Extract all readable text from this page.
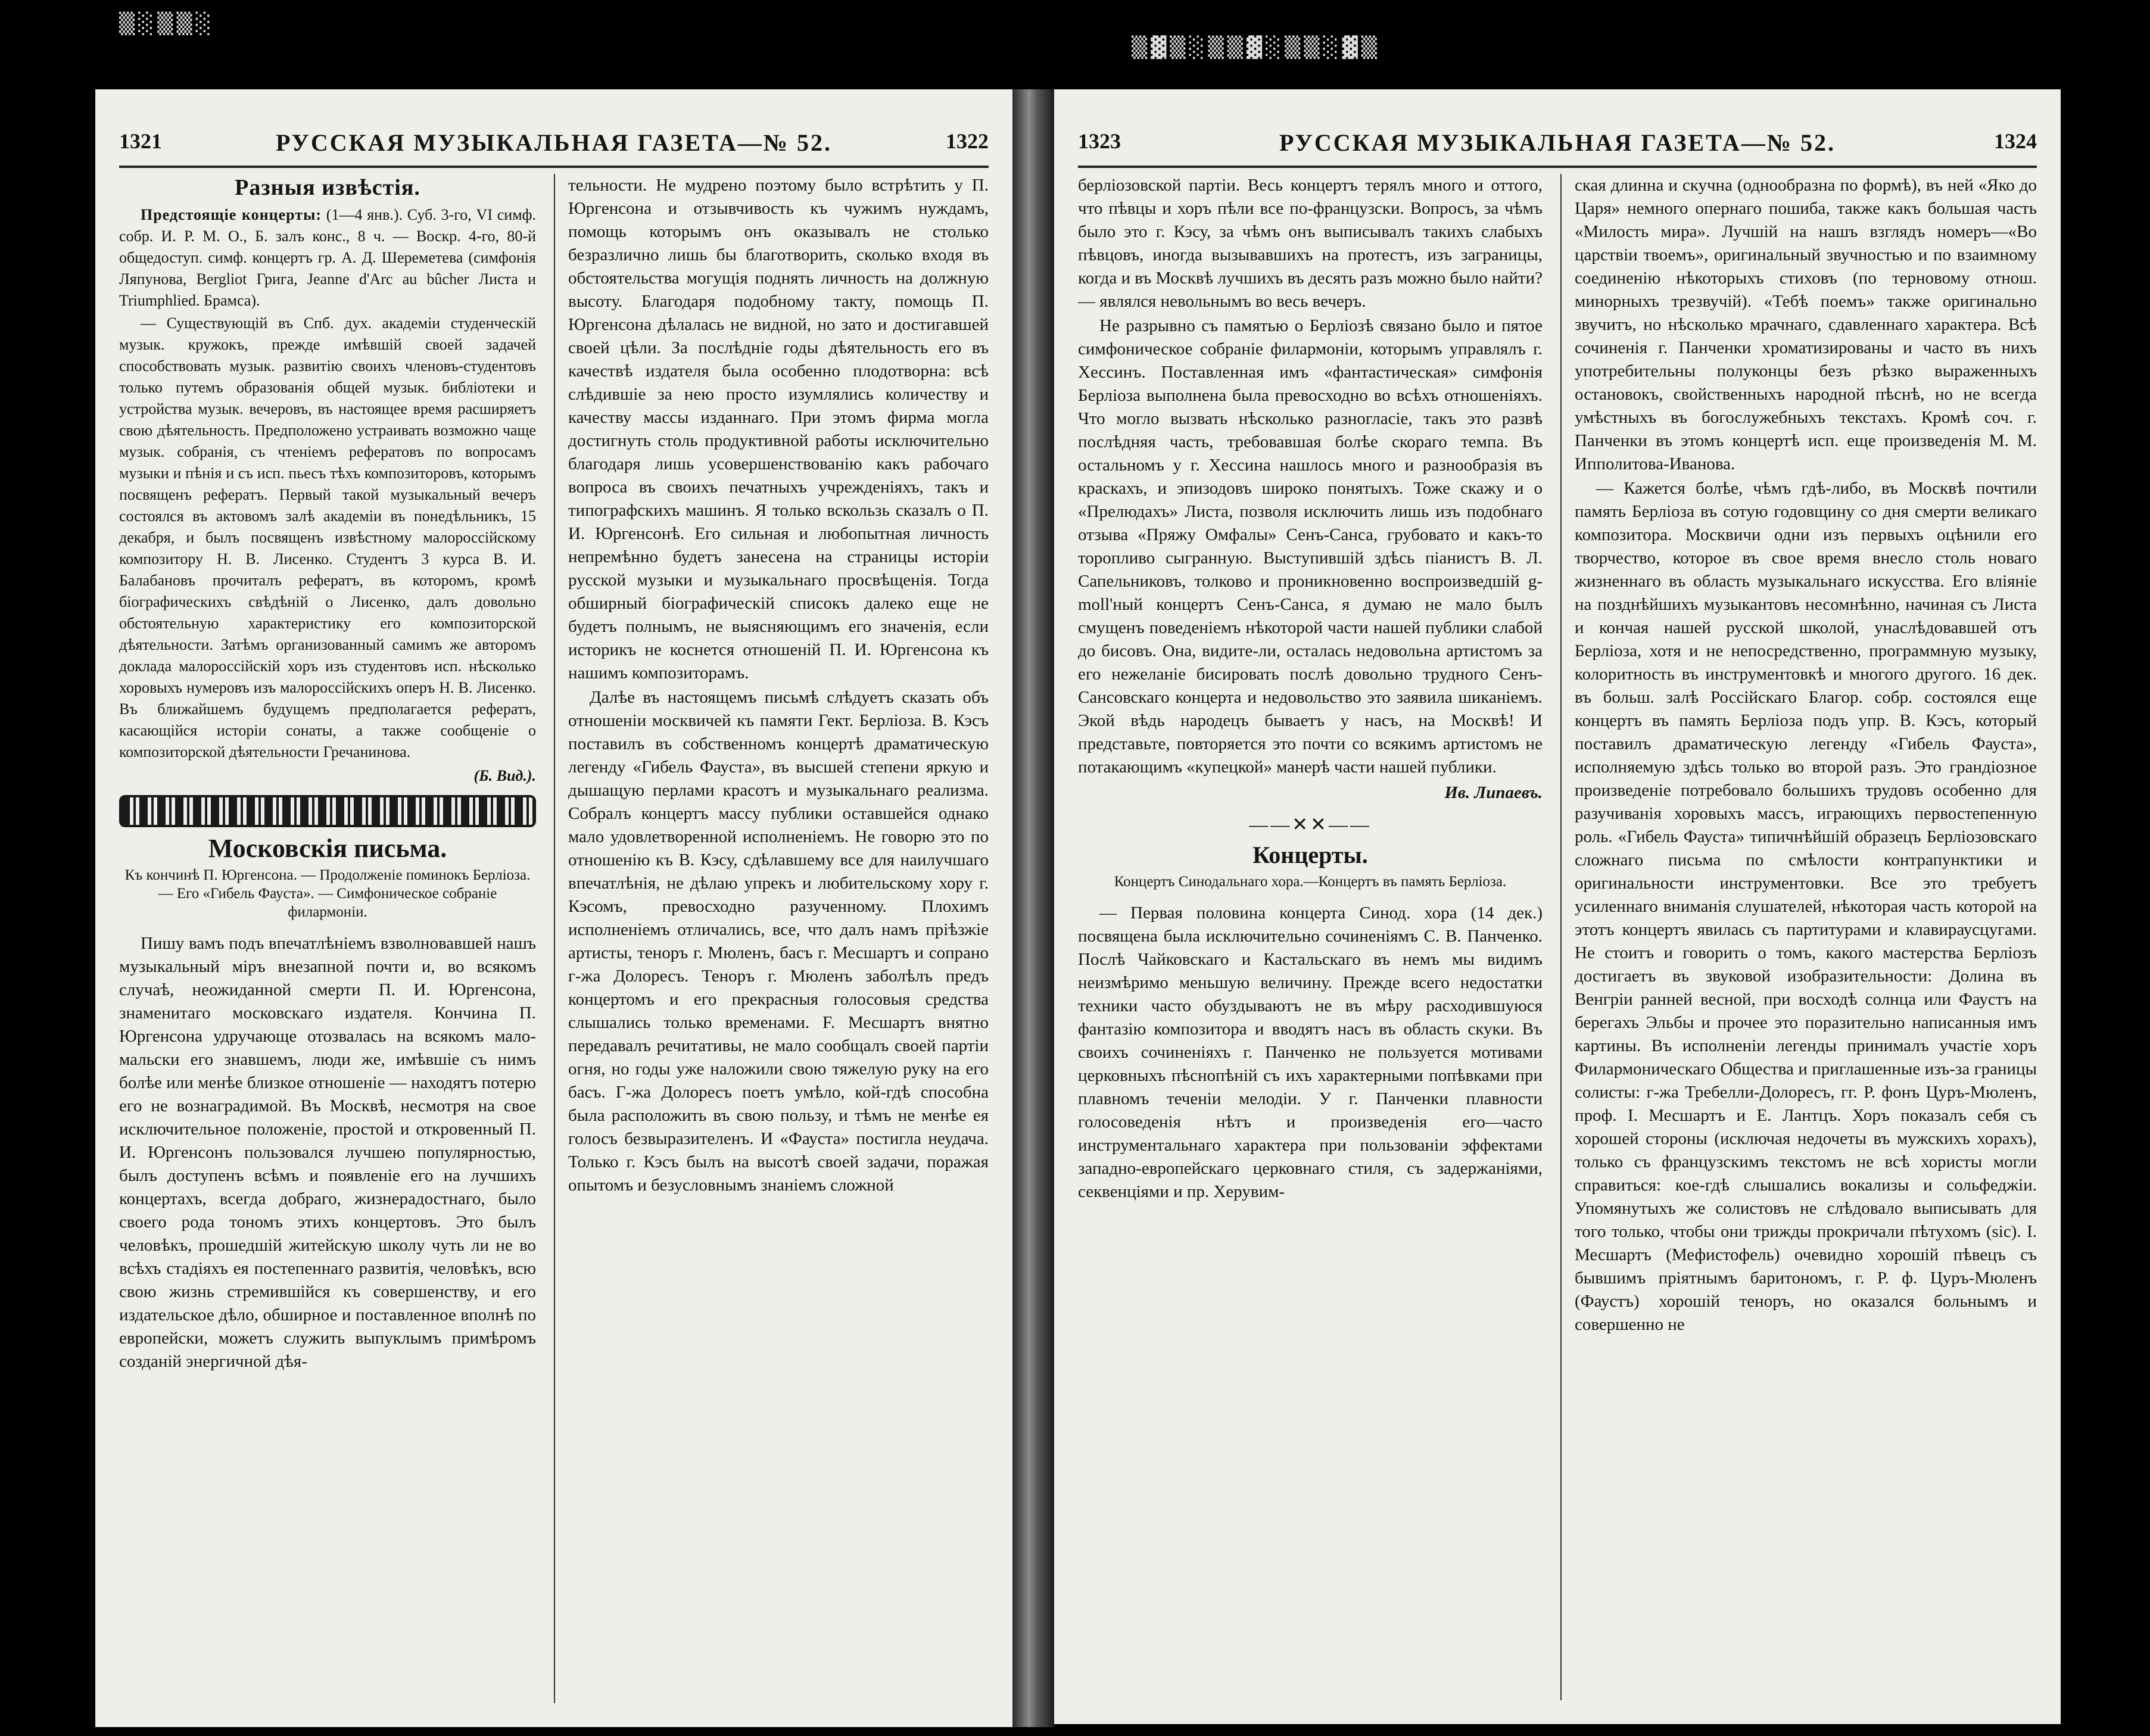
▒░▒▒░
▒▓▒░▒▒▓░▒▒░▓▒
1321	РУССКАЯ МУЗЫКАЛЬНАЯ ГАЗЕТА—№ 52.	1322
Разныя извѣстія.

Предстоящіе концерты: (1—4 янв.). Суб. 3-го, VI симф. собр. И. Р. М. О., Б. залъ конс., 8 ч. — Воскр. 4-го, 80-й общедоступ. симф. концертъ гр. А. Д. Шереметева (симфонія Ляпунова, Bergliot Грига, Jeanne d'Arc au bûcher Листа и Triumphlied. Брамса).

— Существующій въ Спб. дух. академіи студенческій музык. кружокъ, прежде имѣвшій своей задачей способствовать музык. развитію своихъ членовъ-студентовъ только путемъ образованія общей музык. библіотеки и устройства музык. вечеровъ, въ настоящее время расширяетъ свою дѣятельность. Предположено устраивать возможно чаще музык. собранія, съ чтеніемъ рефератовъ по вопросамъ музыки и пѣнія и съ исп. пьесъ тѣхъ композиторовъ, которымъ посвященъ рефератъ. Первый такой музыкальный вечеръ состоялся въ актовомъ залѣ академіи въ понедѣльникъ, 15 декабря, и былъ посвященъ извѣстному малороссійскому композитору Н. В. Лисенко. Студентъ 3 курса В. И. Балабановъ прочиталъ рефератъ, въ которомъ, кромѣ біографическихъ свѣдѣній о Лисенко, далъ довольно обстоятельную характеристику его композиторской дѣятельности. Затѣмъ организованный самимъ же авторомъ доклада малороссійскій хоръ изъ студентовъ исп. нѣсколько хоровыхъ нумеровъ изъ малороссійскихъ оперъ Н. В. Лисенко. Въ ближайшемъ будущемъ предполагается рефератъ, касающійся исторіи сонаты, а также сообщеніе о композиторской дѣятельности Гречанинова.

(Б. Вид.).
Московскія письма.
Къ кончинѣ П. Юргенсона. — Продолженіе поминокъ Берліоза. — Его «Гибель Фауста». — Симфоническое собраніе филармоніи.

Пишу вамъ подъ впечатлѣніемъ взволновавшей нашъ музыкальный міръ внезапной почти и, во всякомъ случаѣ, неожиданной смерти П. И. Юргенсона, знаменитаго московскаго издателя. Кончина П. Юргенсона удручающе отозвалась на всякомъ мало-мальски его знавшемъ, люди же, имѣвшіе съ нимъ болѣе или менѣе близкое отношеніе — находятъ потерю его не вознаградимой. Въ Москвѣ, несмотря на свое исключительное положеніе, простой и откровенный П. И. Юргенсонъ пользовался лучшею популярностью, былъ доступенъ всѣмъ и появленіе его на лучшихъ концертахъ, всегда добраго, жизнерадостнаго, было своего рода тономъ этихъ концертовъ. Это былъ человѣкъ, прошедшій житейскую школу чуть ли не во всѣхъ стадіяхъ ея постепеннаго развитія, человѣкъ, всю свою жизнь стремившійся къ совершенству, и его издательское дѣло, обширное и поставленное вполнѣ по европейски, можетъ служить выпуклымъ примѣромъ созданій энергичной дѣя-

тельности. Не мудрено поэтому было встрѣтить у П. Юргенсона и отзывчивость къ чужимъ нуждамъ, помощь которымъ онъ оказывалъ не столько безразлично лишь бы благотворить, сколько входя въ обстоятельства могущія поднять личность на должную высоту. Благодаря подобному такту, помощь П. Юргенсона дѣлалась не видной, но зато и достигавшей своей цѣли. За послѣдніе годы дѣятельность его въ качествѣ издателя была особенно плодотворна: всѣ слѣдившіе за нею просто изумлялись количеству и качеству массы изданнаго. При этомъ фирма могла достигнуть столь продуктивной работы исключительно благодаря лишь усовершенствованію какъ рабочаго вопроса въ своихъ печатныхъ учрежденіяхъ, такъ и типографскихъ машинъ. Я только вскользь сказалъ о П. И. Юргенсонѣ. Его сильная и любопытная личность непремѣнно будетъ занесена на страницы исторіи русской музыки и музыкальнаго просвѣщенія. Тогда обширный біографическій списокъ далеко еще не будетъ полнымъ, не выясняющимъ его значенія, если историкъ не коснется отношеній П. И. Юргенсона къ нашимъ композиторамъ.

Далѣе въ настоящемъ письмѣ слѣдуетъ сказать объ отношеніи москвичей къ памяти Гект. Берліоза. В. Кэсъ поставилъ въ собственномъ концертѣ драматическую легенду «Гибель Фауста», въ высшей степени яркую и дышащую перлами красотъ и музыкальнаго реализма. Собралъ концертъ массу публики оставшейся однако мало удовлетворенной исполненіемъ. Не говорю это по отношенію къ В. Кэсу, сдѣлавшему все для наилучшаго впечатлѣнія, не дѣлаю упрекъ и любительскому хору г. Кэсомъ, превосходно разученному. Плохимъ исполненіемъ отличались, все, что далъ намъ пріѣзжіе артисты, теноръ г. Мюленъ, басъ г. Месшартъ и сопрано г-жа Долоресъ. Теноръ г. Мюленъ заболѣлъ предъ концертомъ и его прекрасныя голосовыя средства слышались только временами. F. Месшартъ внятно передавалъ речитативы, не мало сообщалъ своей партіи огня, но годы уже наложили свою тяжелую руку на его басъ. Г-жа Долоресъ поетъ умѣло, кой-гдѣ способна была расположить въ свою пользу, и тѣмъ не менѣе ея голосъ безвыразителенъ. И «Фауста» постигла неудача. Только г. Кэсъ былъ на высотѣ своей задачи, поражая опытомъ и безусловнымъ знаніемъ сложной

1323	РУССКАЯ МУЗЫКАЛЬНАЯ ГАЗЕТА—№ 52.	1324

берліозовской партіи. Весь концертъ терялъ много и оттого, что пѣвцы и хоръ пѣли все по-французски. Вопросъ, за чѣмъ было это г. Кэсу, за чѣмъ онъ выписывалъ такихъ слабыхъ пѣвцовъ, иногда вызывавшихъ на протестъ, изъ заграницы, когда и въ Москвѣ лучшихъ въ десять разъ можно было найти? — являлся невольнымъ во весь вечеръ.

Не разрывно съ памятью о Берліозѣ связано было и пятое симфоническое собраніе филармоніи, которымъ управлялъ г. Хессинъ. Поставленная имъ «фантастическая» симфонія Берліоза выполнена была превосходно во всѣхъ отношеніяхъ. Что могло вызвать нѣсколько разногласіе, такъ это развѣ послѣдняя часть, требовавшая болѣе скораго темпа. Въ остальномъ у г. Хессина нашлось много и разнообразія въ краскахъ, и эпизодовъ широко понятыхъ. Тоже скажу и о «Прелюдахъ» Листа, позволя исключить лишь изъ подобнаго отзыва «Пряжу Омфалы» Сенъ-Санса, грубовато и какъ-то торопливо сыгранную. Выступившій здѣсь піанистъ В. Л. Сапельниковъ, толково и проникновенно воспроизведшій g-moll'ный концертъ Сенъ-Санса, я думаю не мало былъ смущенъ поведеніемъ нѣкоторой части нашей публики слабой до бисовъ. Она, видите-ли, осталась недовольна артистомъ за его нежеланіе бисировать послѣ довольно трудного Сенъ-Сансовскаго концерта и недовольство это заявила шиканіемъ. Экой вѣдь народецъ бываетъ у насъ, на Москвѣ! И представьте, повторяется это почти со всякимъ артистомъ не потакающимъ «купецкой» манерѣ части нашей публики.

Ив. Липаевъ.
——✕✕——
Концерты.
Концертъ Синодальнаго хора.—Концертъ въ память Берліоза.

— Первая половина концерта Синод. хора (14 дек.) посвящена была исключительно сочиненіямъ С. В. Панченко. Послѣ Чайковскаго и Кастальскаго въ немъ мы видимъ неизмѣримо меньшую величину. Прежде всего недостатки техники часто обуздываютъ не въ мѣру расходившуюся фантазію композитора и вводятъ насъ въ область скуки. Въ своихъ сочиненіяхъ г. Панченко не пользуется мотивами церковныхъ пѣснопѣній съ ихъ характерными попѣвками при плавномъ теченіи мелодіи. У г. Панченки плавности голосоведенія нѣтъ и произведенія его—часто инструментальнаго характера при пользованіи эффектами западно-европейскаго церковнаго стиля, съ задержаніями, секвенціями и пр. Херувим-

ская длинна и скучна (однообразна по формѣ), въ ней «Яко до Царя» немного опернаго пошиба, также какъ большая часть «Милость мира». Лучшій на нашъ взглядъ номеръ—«Во царствіи твоемъ», оригинальный звучностью и по взаимному соединенію нѣкоторыхъ стиховъ (по терновому отнош. минорныхъ трезвучій). «Тебѣ поемъ» также оригинально звучитъ, но нѣсколько мрачнаго, сдавленнаго характера. Всѣ сочиненія г. Панченки хроматизированы и часто въ нихъ употребительны полуконцы безъ рѣзко выраженныхъ остановокъ, свойственныхъ народной пѣснѣ, но не всегда умѣстныхъ въ богослужебныхъ текстахъ. Кромѣ соч. г. Панченки въ этомъ концертѣ исп. еще произведенія М. М. Ипполитова-Иванова.

— Кажется болѣе, чѣмъ гдѣ-либо, въ Москвѣ почтили память Берліоза въ сотую годовщину со дня смерти великаго композитора. Москвичи одни изъ первыхъ оцѣнили его творчество, которое въ свое время внесло столь новаго жизненнаго въ область музыкальнаго искусства. Его вліяніе на позднѣйшихъ музыкантовъ несомнѣнно, начиная съ Листа и кончая нашей русской школой, унаслѣдовавшей отъ Берліоза, хотя и не непосредственно, программную музыку, колоритность въ инструментовкѣ и многого другого. 16 дек. въ больш. залѣ Россійскаго Благор. собр. состоялся еще концертъ въ память Берліоза подъ упр. В. Кэсъ, который поставилъ драматическую легенду «Гибель Фауста», исполняемую здѣсь только во второй разъ. Это грандіозное произведеніе потребовало большихъ трудовъ особенно для разучиванія хоровыхъ массъ, играющихъ первостепенную роль. «Гибель Фауста» типичнѣйшій образецъ Берліозовскаго сложнаго письма по смѣлости контрапунктики и оригинальности инструментовки. Все это требуетъ усиленнаго вниманія слушателей, нѣкоторая часть которой на этотъ концертъ явилась съ партитурами и клавираусцугами. Не стоитъ и говорить о томъ, какого мастерства Берліозъ достигаетъ въ звуковой изобразительности: Долина въ Венгріи ранней весной, при восходѣ солнца или Фаустъ на берегахъ Эльбы и прочее это поразительно написанныя имъ картины. Въ исполненіи легенды принималъ участіе хоръ Филармоническаго Общества и приглашенные изъ-за границы солисты: г-жа Требелли-Долоресъ, гг. Р. фонъ Цуръ-Мюленъ, проф. І. Месшартъ и Е. Лантцъ. Хоръ показалъ себя съ хорошей стороны (исключая недочеты въ мужскихъ хорахъ), только съ французскимъ текстомъ не всѣ хористы могли справиться: кое-гдѣ слышались вокализы и сольфеджіи. Упомянутыхъ же солистовъ не слѣдовало выписывать для того только, чтобы они трижды прокричали пѣтухомъ (sic). І. Месшартъ (Мефистофель) очевидно хорошій пѣвецъ съ бывшимъ пріятнымъ баритономъ, г. Р. ф. Цуръ-Мюленъ (Фаустъ) хорошій теноръ, но оказался больнымъ и совершенно не
